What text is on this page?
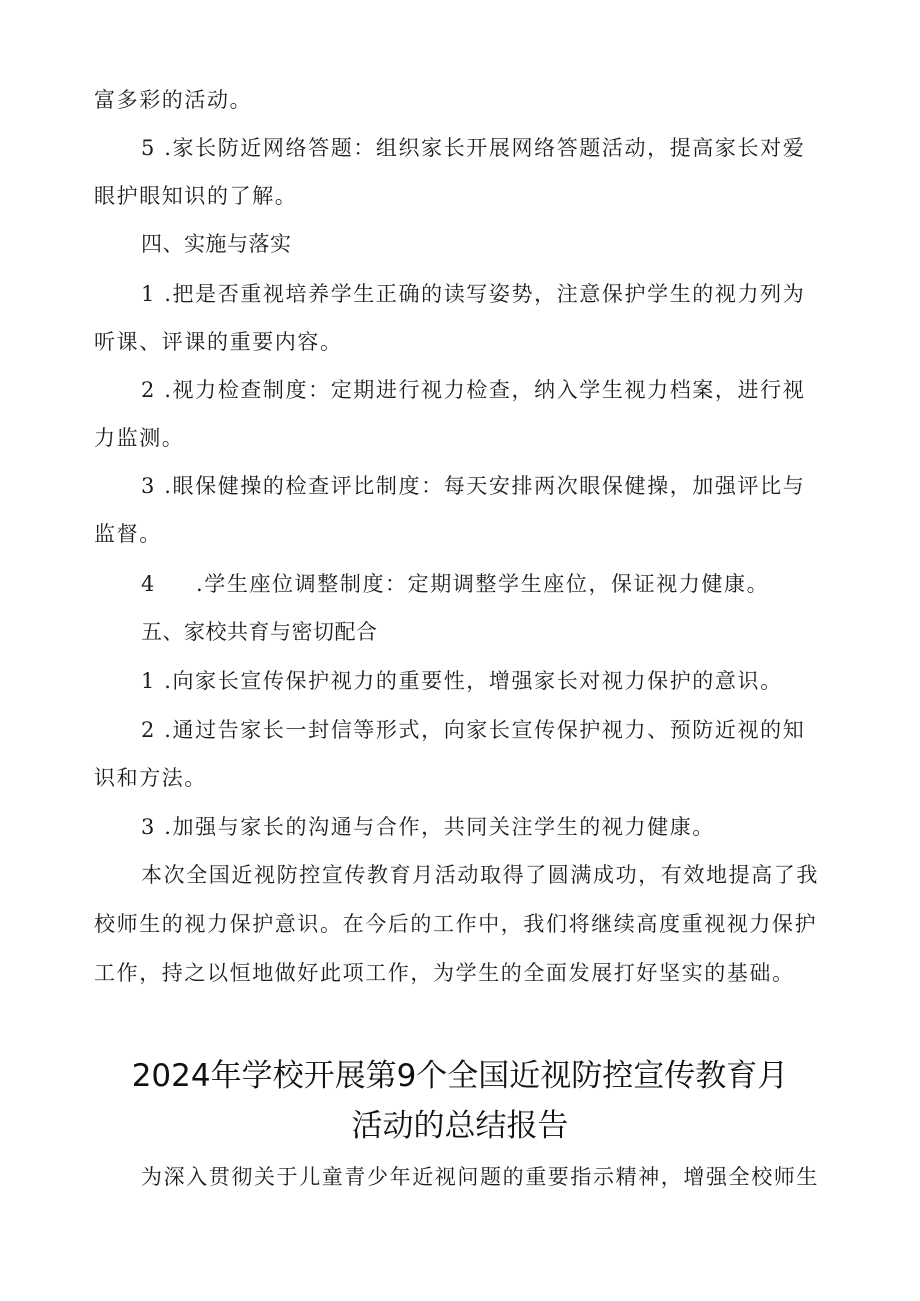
富多彩的活动。
5 .家长防近网络答题：组织家长开展网络答题活动，提高家长对爱
眼护眼知识的了解。
四、实施与落实
1 .把是否重视培养学生正确的读写姿势，注意保护学生的视力列为
听课、评课的重要内容。
2 .视力检查制度：定期进行视力检查，纳入学生视力档案，进行视
力监测。
3 .眼保健操的检查评比制度：每天安排两次眼保健操，加强评比与
监督。
4 .学生座位调整制度：定期调整学生座位，保证视力健康。
五、家校共育与密切配合
1 .向家长宣传保护视力的重要性，增强家长对视力保护的意识。
2 .通过告家长一封信等形式，向家长宣传保护视力、预防近视的知
识和方法。
3 .加强与家长的沟通与合作，共同关注学生的视力健康。
本次全国近视防控宣传教育月活动取得了圆满成功，有效地提高了我
校师生的视力保护意识。在今后的工作中，我们将继续高度重视视力保护
工作，持之以恒地做好此项工作，为学生的全面发展打好坚实的基础。
2024年学校开展第9个全国近视防控宣传教育月
活动的总结报告
为深入贯彻关于儿童青少年近视问题的重要指示精神，增强全校师生
